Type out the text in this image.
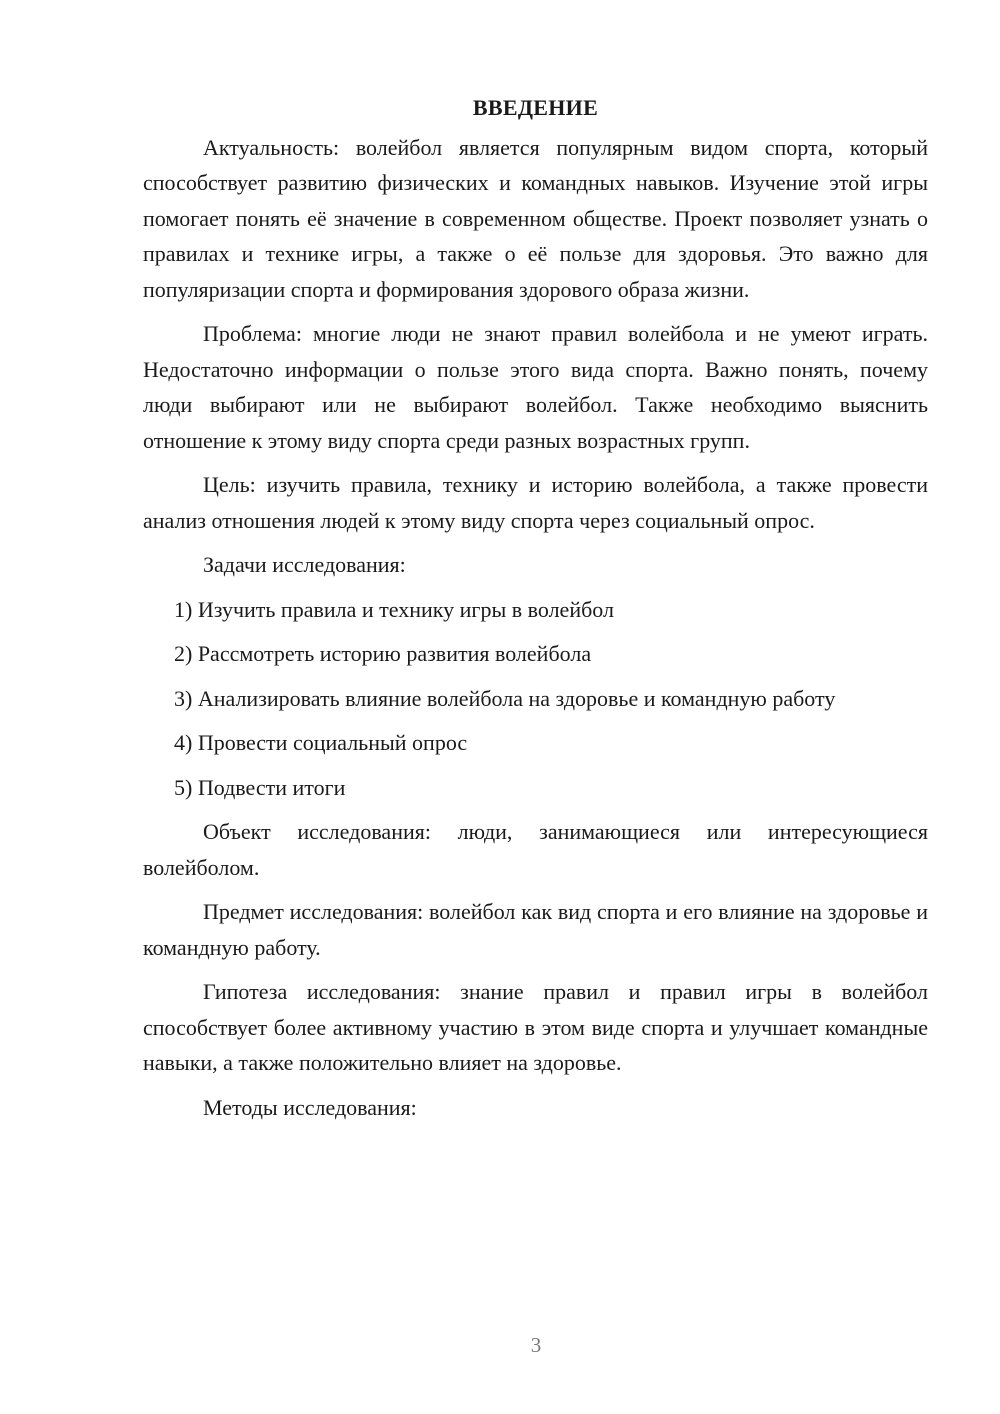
ВВЕДЕНИЕ

Актуальность: волейбол является популярным видом спорта, который способствует развитию физических и командных навыков. Изучение этой игры помогает понять её значение в современном обществе. Проект позволяет узнать о правилах и технике игры, а также о её пользе для здоровья. Это важно для популяризации спорта и формирования здорового образа жизни.

Проблема: многие люди не знают правил волейбола и не умеют играть. Недостаточно информации о пользе этого вида спорта. Важно понять, почему люди выбирают или не выбирают волейбол. Также необходимо выяснить отношение к этому виду спорта среди разных возрастных групп.

Цель: изучить правила, технику и историю волейбола, а также провести анализ отношения людей к этому виду спорта через социальный опрос.

Задачи исследования:

1) Изучить правила и технику игры в волейбол

2) Рассмотреть историю развития волейбола

3) Анализировать влияние волейбола на здоровье и командную работу

4) Провести социальный опрос

5) Подвести итоги

Объект исследования: люди, занимающиеся или интересующиеся волейболом.

Предмет исследования: волейбол как вид спорта и его влияние на здоровье и командную работу.

Гипотеза исследования: знание правил и правил игры в волейбол способствует более активному участию в этом виде спорта и улучшает командные навыки, а также положительно влияет на здоровье.

Методы исследования:

3
